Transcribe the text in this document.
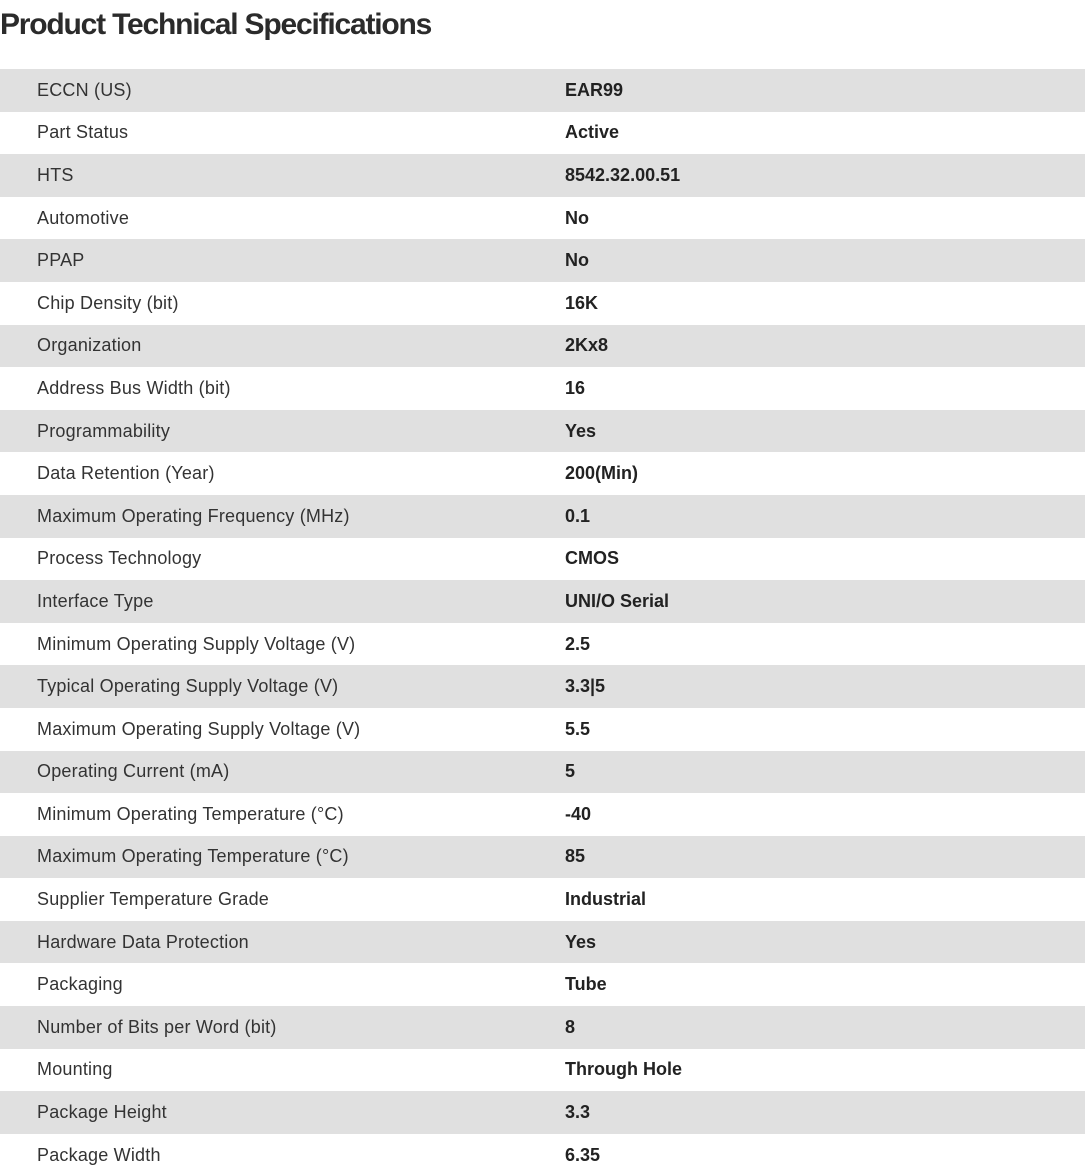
Product Technical Specifications
ECCN (US)	EAR99
Part Status	Active
HTS	8542.32.00.51
Automotive	No
PPAP	No
Chip Density (bit)	16K
Organization	2Kx8
Address Bus Width (bit)	16
Programmability	Yes
Data Retention (Year)	200(Min)
Maximum Operating Frequency (MHz)	0.1
Process Technology	CMOS
Interface Type	UNI/O Serial
Minimum Operating Supply Voltage (V)	2.5
Typical Operating Supply Voltage (V)	3.3|5
Maximum Operating Supply Voltage (V)	5.5
Operating Current (mA)	5
Minimum Operating Temperature (°C)	-40
Maximum Operating Temperature (°C)	85
Supplier Temperature Grade	Industrial
Hardware Data Protection	Yes
Packaging	Tube
Number of Bits per Word (bit)	8
Mounting	Through Hole
Package Height	3.3
Package Width	6.35
